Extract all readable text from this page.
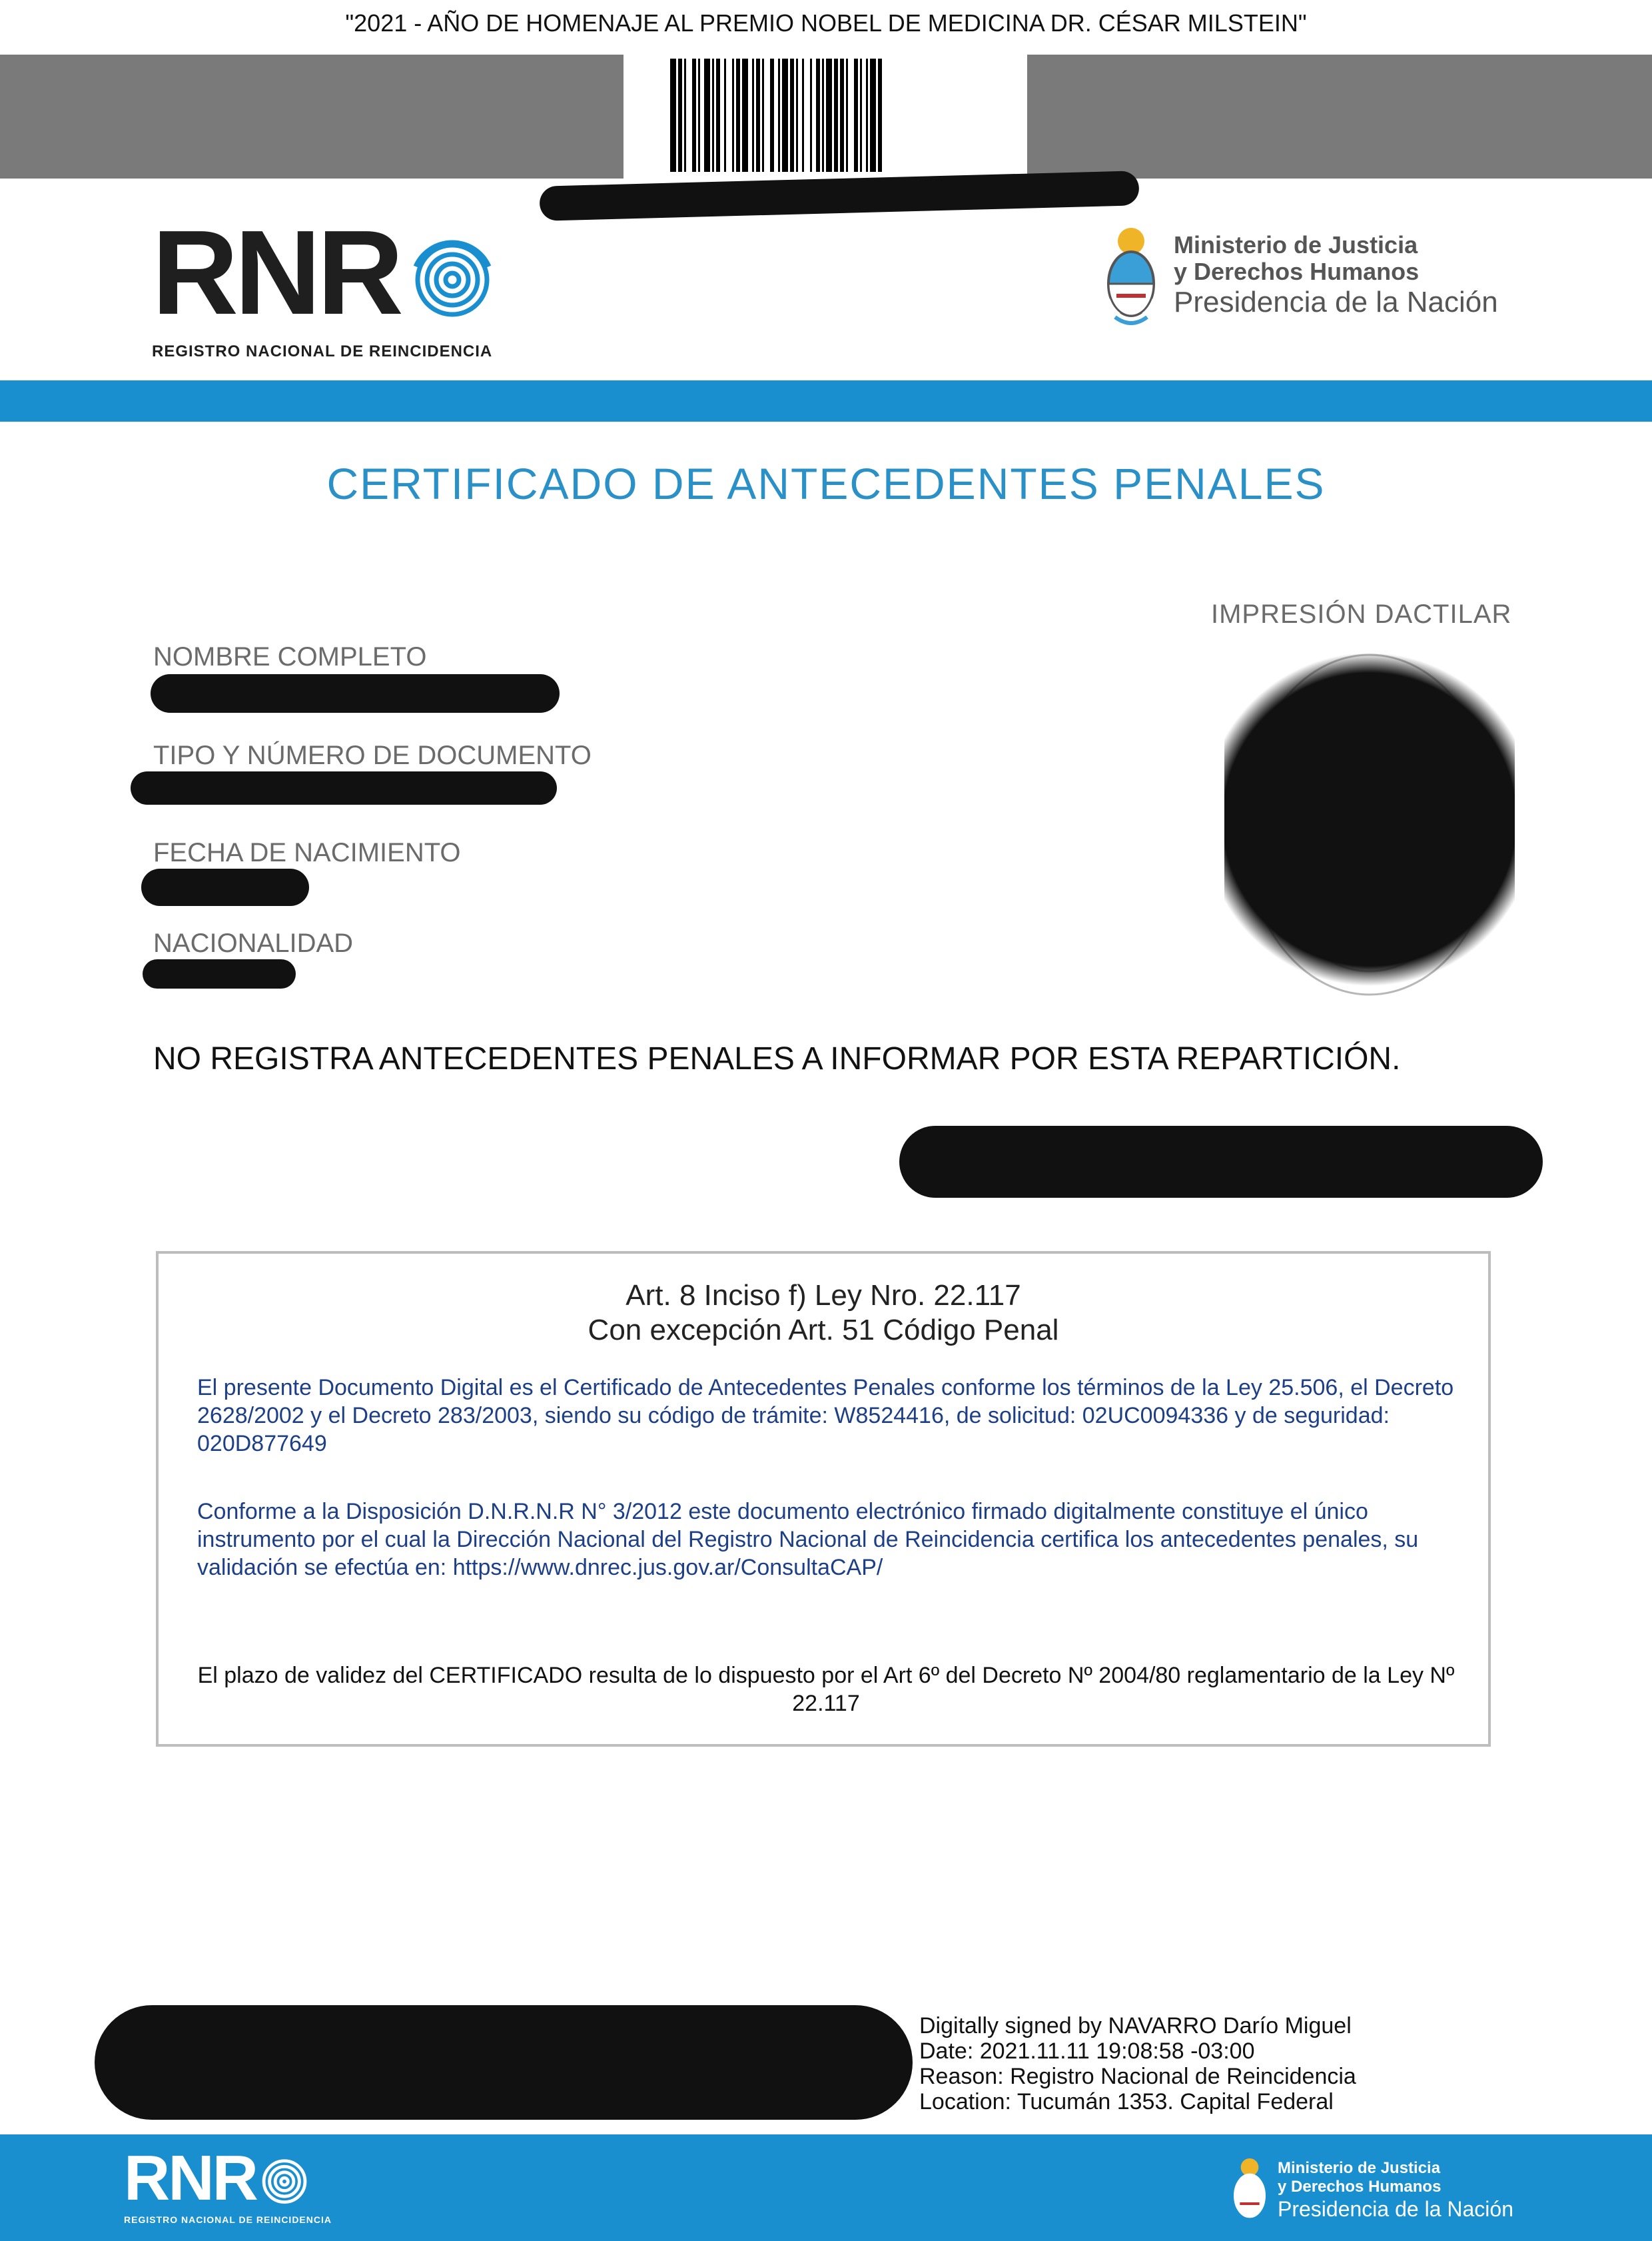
"2021 - AÑO DE HOMENAJE AL PREMIO NOBEL DE MEDICINA DR. CÉSAR MILSTEIN"
RNR
REGISTRO NACIONAL DE REINCIDENCIA
Ministerio de Justicia
y Derechos Humanos
Presidencia de la Nación
CERTIFICADO DE ANTECEDENTES PENALES
NOMBRE COMPLETO
TIPO Y NÚMERO DE DOCUMENTO
FECHA DE NACIMIENTO
NACIONALIDAD
IMPRESIÓN DACTILAR
NO REGISTRA ANTECEDENTES PENALES A INFORMAR POR ESTA REPARTICIÓN.
Art. 8 Inciso f) Ley Nro. 22.117
Con excepción Art. 51 Código Penal
El presente Documento Digital es el Certificado de Antecedentes Penales conforme los términos de la Ley 25.506, el Decreto 2628/2002 y el Decreto 283/2003, siendo su código de trámite: W8524416, de solicitud: 02UC0094336 y de seguridad: 020D877649
Conforme a la Disposición D.N.R.N.R N° 3/2012 este documento electrónico firmado digitalmente constituye el único instrumento por el cual la Dirección Nacional del Registro Nacional de Reincidencia certifica los antecedentes penales, su validación se efectúa en: https://www.dnrec.jus.gov.ar/ConsultaCAP/
El plazo de validez del CERTIFICADO resulta de lo dispuesto por el Art 6º del Decreto Nº 2004/80 reglamentario de la Ley Nº 22.117
Digitally signed by NAVARRO Darío Miguel
Date: 2021.11.11 19:08:58 -03:00
Reason: Registro Nacional de Reincidencia
Location: Tucumán 1353. Capital Federal
RNR
REGISTRO NACIONAL DE REINCIDENCIA
Ministerio de Justicia
y Derechos Humanos
Presidencia de la Nación
